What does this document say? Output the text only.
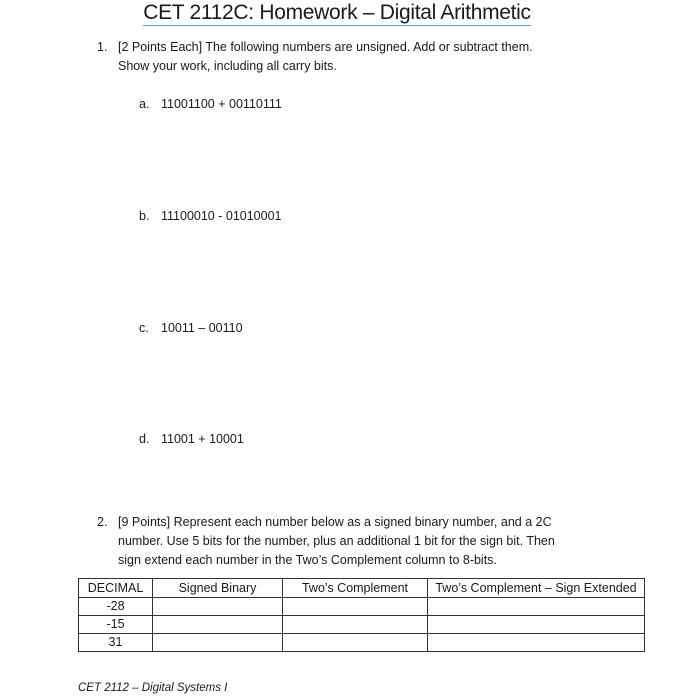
CET 2112C: Homework – Digital Arithmetic
1. [2 Points Each] The following numbers are unsigned. Add or subtract them.
Show your work, including all carry bits.
a. 11001100 + 00110111
b. 11100010 - 01010001
c. 10011 – 00110
d. 11001 + 10001
2. [9 Points] Represent each number below as a signed binary number, and a 2C
number. Use 5 bits for the number, plus an additional 1 bit for the sign bit. Then
sign extend each number in the Two’s Complement column to 8-bits.
DECIMAL	Signed Binary	Two’s Complement	Two’s Complement – Sign Extended
-28			
-15			
31			
CET 2112 – Digital Systems I
